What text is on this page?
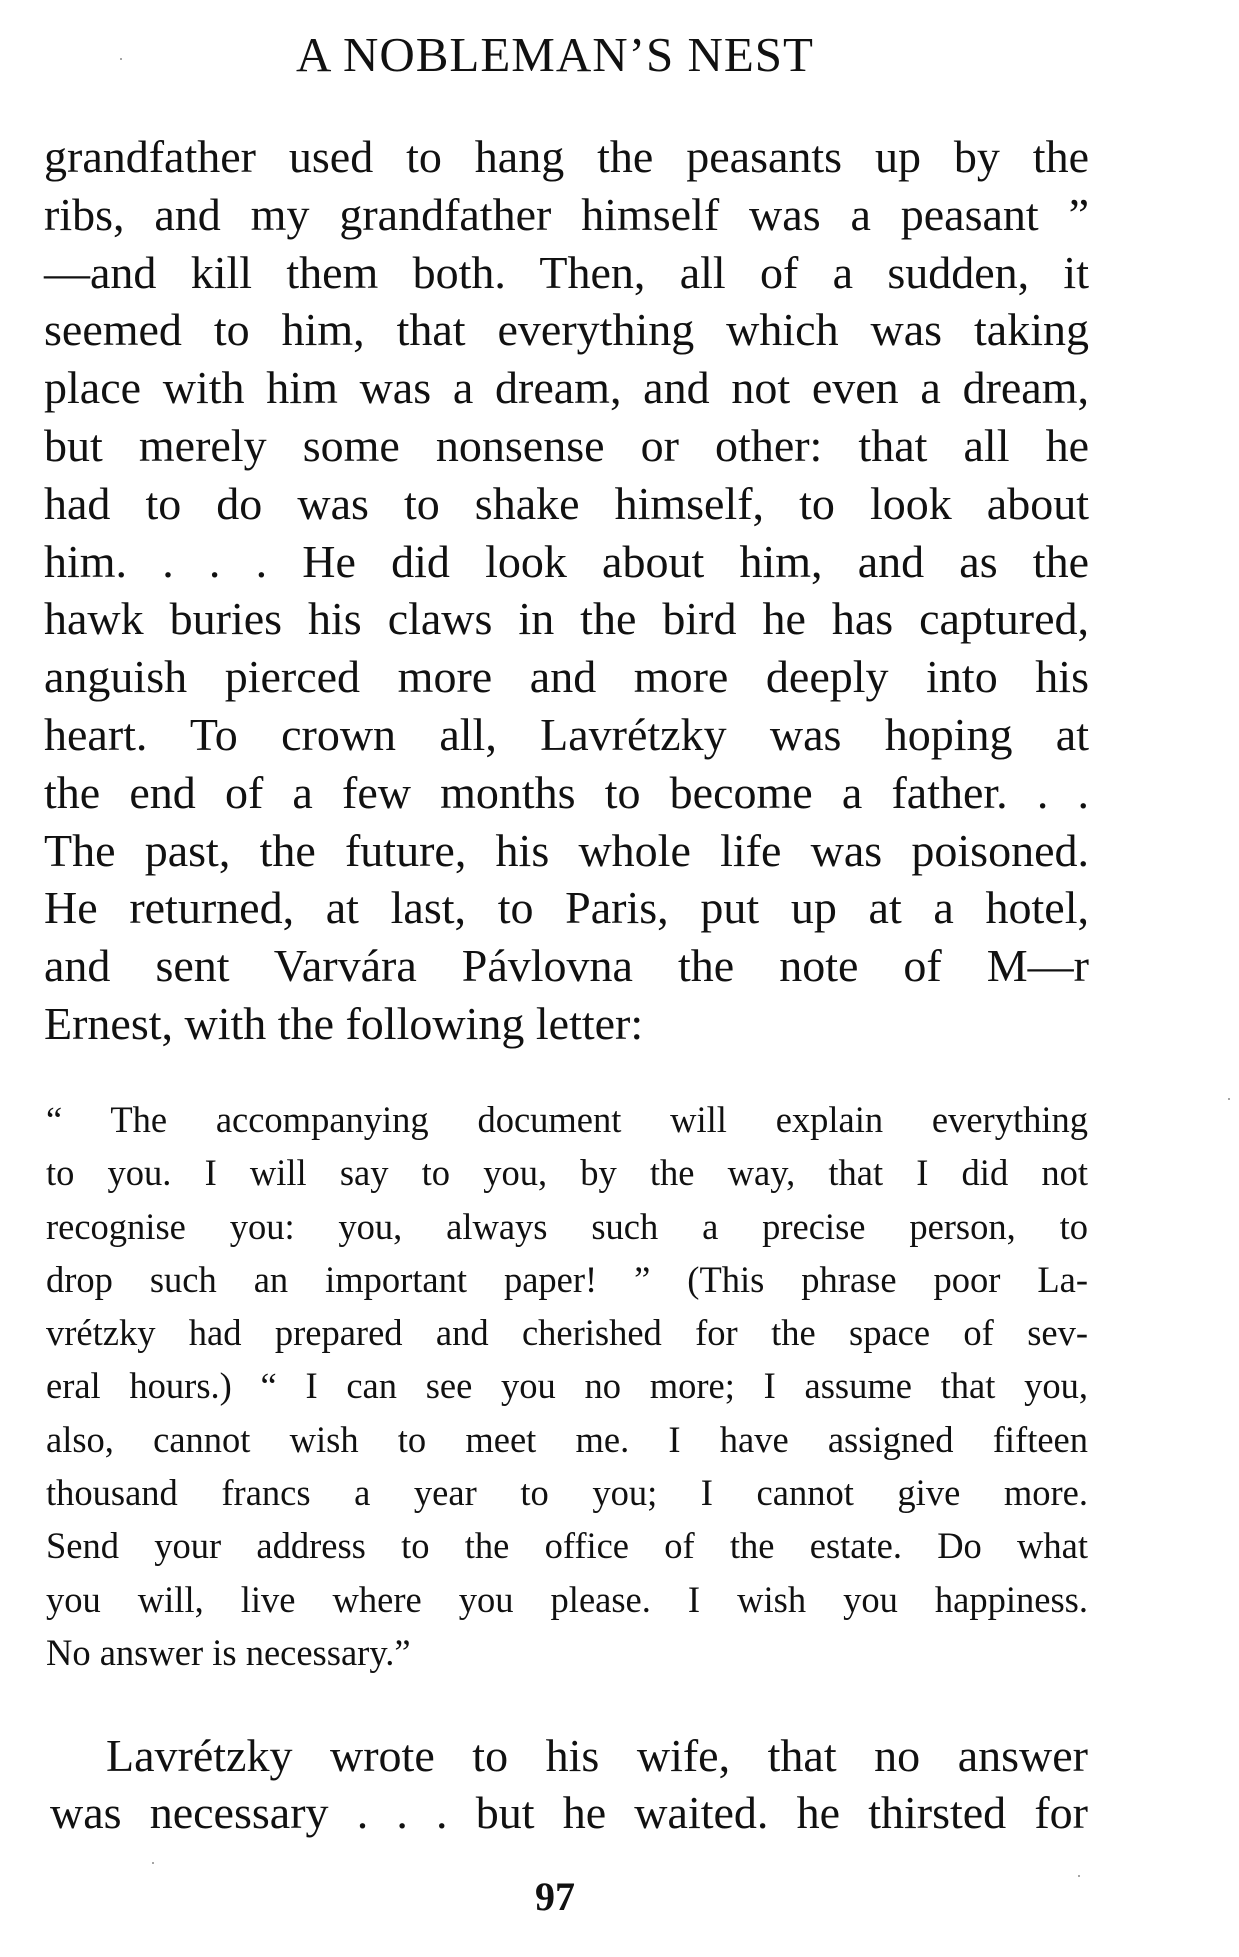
A NOBLEMAN’S NEST
grandfather used to hang the peasants up by the
ribs, and my grandfather himself was a peasant ”
—and kill them both. Then, all of a sudden, it
seemed to him, that everything which was taking
place with him was a dream, and not even a dream,
but merely some nonsense or other: that all he
had to do was to shake himself, to look about
him. . . . He did look about him, and as the
hawk buries his claws in the bird he has captured,
anguish pierced more and more deeply into his
heart. To crown all, Lavrétzky was hoping at
the end of a few months to become a father. . .
The past, the future, his whole life was poisoned.
He returned, at last, to Paris, put up at a hotel,
and sent Varvára Pávlovna the note of M—r
Ernest, with the following letter:
“ The accompanying document will explain everything
to you. I will say to you, by the way, that I did not
recognise you: you, always such a precise person, to
drop such an important paper! ” (This phrase poor La-
vrétzky had prepared and cherished for the space of sev-
eral hours.) “ I can see you no more; I assume that you,
also, cannot wish to meet me. I have assigned fifteen
thousand francs a year to you; I cannot give more.
Send your address to the office of the estate. Do what
you will, live where you please. I wish you happiness.
No answer is necessary.”
Lavrétzky wrote to his wife, that no answer
was necessary . . . but he waited. he thirsted for
97
